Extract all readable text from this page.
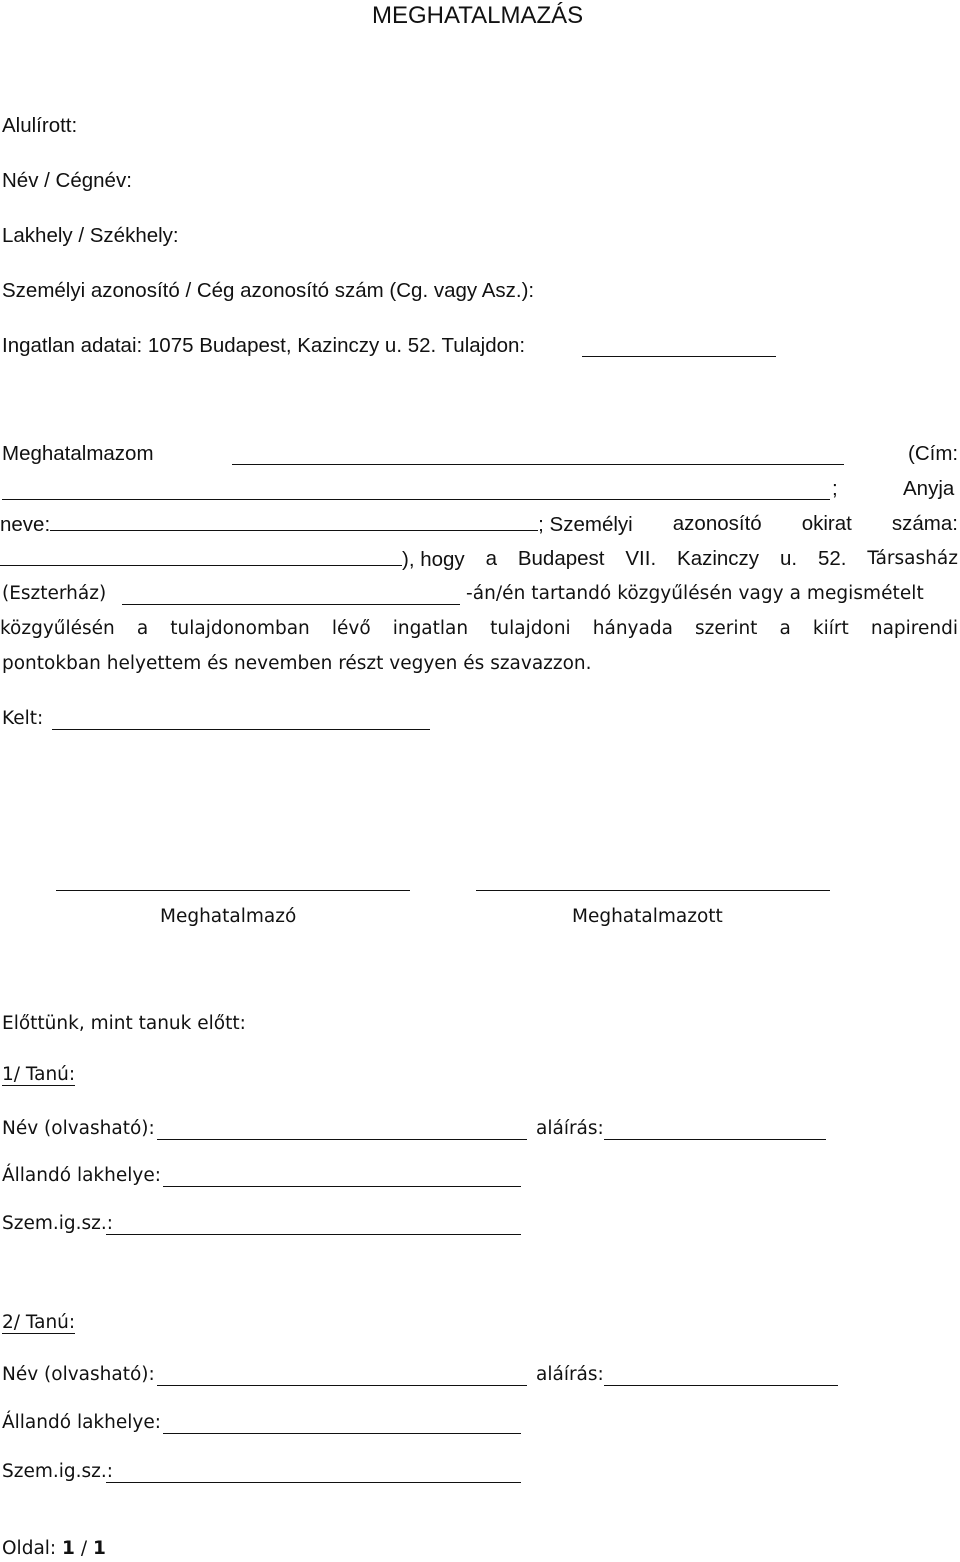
MEGHATALMAZÁS
Alulírott:
Név / Cégnév:
Lakhely / Székhely:
Személyi azonosító / Cég azonosító szám (Cg. vagy Asz.):
Ingatlan adatai: 1075 Budapest, Kazinczy u. 52. Tulajdon:
Meghatalmazom	(Cím:
;	Anyja
neve:	; Személyi azonosító okirat száma:
), hogy a Budapest VII. Kazinczy u. 52. Társasház
(Eszterház)	-án/én tartandó közgyűlésén vagy a megismételt
közgyűlésén a tulajdonomban lévő ingatlan tulajdoni hányada szerint a kiírt napirendi
pontokban helyettem és nevemben részt vegyen és szavazzon.
Kelt:
Meghatalmazó	Meghatalmazott
Előttünk, mint tanuk előtt:
1/ Tanú:
Név (olvasható):	aláírás:
Állandó lakhelye:
Szem.ig.sz.:
2/ Tanú:
Név (olvasható):	aláírás:
Állandó lakhelye:
Szem.ig.sz.:
Oldal: 1 / 1
